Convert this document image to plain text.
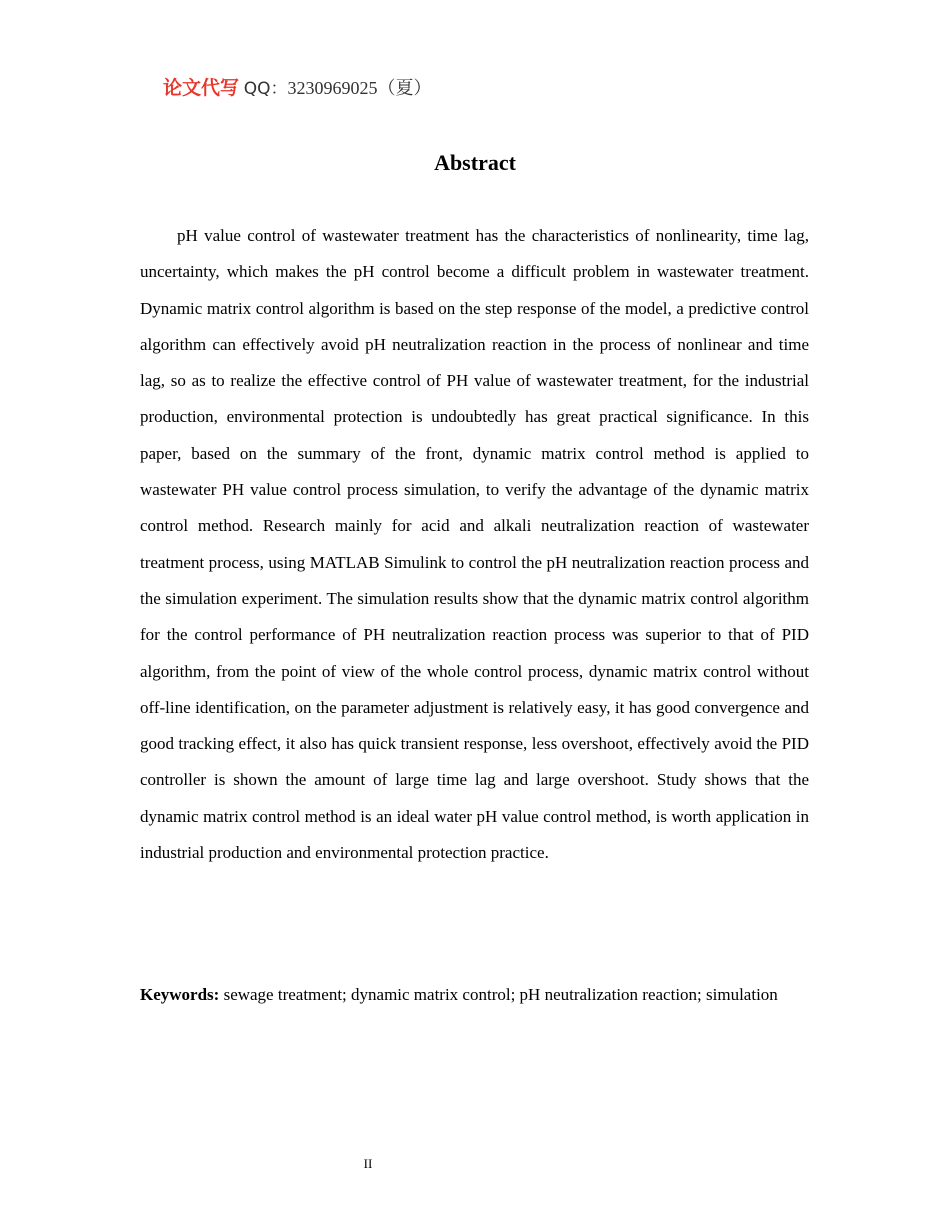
论文代写 QQ：3230969025（夏）
Abstract

pH value control of wastewater treatment has the characteristics of nonlinearity, time lag, uncertainty, which makes the pH control become a difficult problem in wastewater treatment. Dynamic matrix control algorithm is based on the step response of the model, a predictive control algorithm can effectively avoid pH neutralization reaction in the process of nonlinear and time lag, so as to realize the effective control of PH value of wastewater treatment, for the industrial production, environmental protection is undoubtedly has great practical significance. In this paper, based on the summary of the front, dynamic matrix control method is applied to wastewater PH value control process simulation, to verify the advantage of the dynamic matrix control method. Research mainly for acid and alkali neutralization reaction of wastewater treatment process, using MATLAB Simulink to control the pH neutralization reaction process and the simulation experiment. The simulation results show that the dynamic matrix control algorithm for the control performance of PH neutralization reaction process was superior to that of PID algorithm, from the point of view of the whole control process, dynamic matrix control without off-line identification, on the parameter adjustment is relatively easy, it has good convergence and good tracking effect, it also has quick transient response, less overshoot, effectively avoid the PID controller is shown the amount of large time lag and large overshoot. Study shows that the dynamic matrix control method is an ideal water pH value control method, is worth application in industrial production and environmental protection practice.

Keywords: sewage treatment; dynamic matrix control; pH neutralization reaction; simulation

II
